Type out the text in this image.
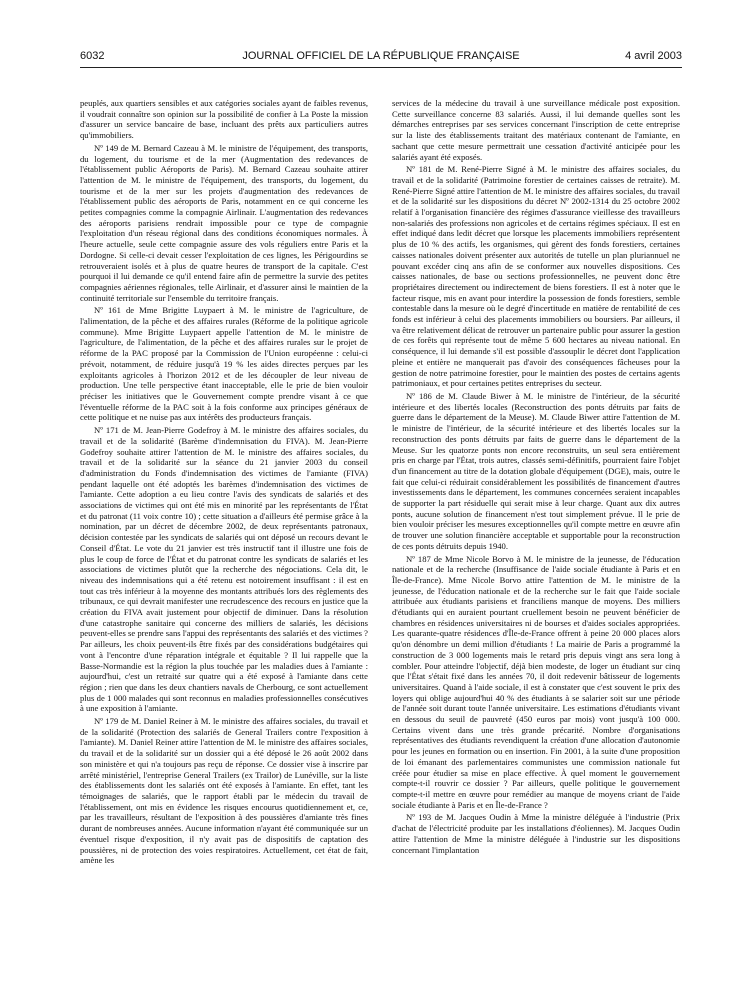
6032	JOURNAL OFFICIEL DE LA RÉPUBLIQUE FRANÇAISE	4 avril 2003

peuplés, aux quartiers sensibles et aux catégories sociales ayant de faibles revenus, il voudrait connaître son opinion sur la possibilité de confier à La Poste la mission d'assurer un service bancaire de base, incluant des prêts aux particuliers autres qu'immobiliers.

Nº 149 de M. Bernard Cazeau à M. le ministre de l'équipement, des transports, du logement, du tourisme et de la mer (Augmentation des redevances de l'établissement public Aéroports de Paris). M. Bernard Cazeau souhaite attirer l'attention de M. le ministre de l'équipement, des transports, du logement, du tourisme et de la mer sur les projets d'augmentation des redevances de l'établissement public des aéroports de Paris, notamment en ce qui concerne les petites compagnies comme la compagnie Airlinair. L'augmentation des redevances des aéroports parisiens rendrait impossible pour ce type de compagnie l'exploitation d'un réseau régional dans des conditions économiques normales. À l'heure actuelle, seule cette compagnie assure des vols réguliers entre Paris et la Dordogne. Si celle-ci devait cesser l'exploitation de ces lignes, les Périgourdins se retrouveraient isolés et à plus de quatre heures de transport de la capitale. C'est pourquoi il lui demande ce qu'il entend faire afin de permettre la survie des petites compagnies aériennes régionales, telle Airlinair, et d'assurer ainsi le maintien de la continuité territoriale sur l'ensemble du territoire français.

Nº 161 de Mme Brigitte Luypaert à M. le ministre de l'agriculture, de l'alimentation, de la pêche et des affaires rurales (Réforme de la politique agricole commune). Mme Brigitte Luypaert appelle l'attention de M. le ministre de l'agriculture, de l'alimentation, de la pêche et des affaires rurales sur le projet de réforme de la PAC proposé par la Commission de l'Union européenne : celui-ci prévoit, notamment, de réduire jusqu'à 19 % les aides directes perçues par les exploitants agricoles à l'horizon 2012 et de les découpler de leur niveau de production. Une telle perspective étant inacceptable, elle le prie de bien vouloir préciser les initiatives que le Gouvernement compte prendre visant à ce que l'éventuelle réforme de la PAC soit à la fois conforme aux principes généraux de cette politique et ne nuise pas aux intérêts des producteurs français.

Nº 171 de M. Jean-Pierre Godefroy à M. le ministre des affaires sociales, du travail et de la solidarité (Barème d'indemnisation du FIVA). M. Jean-Pierre Godefroy souhaite attirer l'attention de M. le ministre des affaires sociales, du travail et de la solidarité sur la séance du 21 janvier 2003 du conseil d'administration du Fonds d'indemnisation des victimes de l'amiante (FIVA) pendant laquelle ont été adoptés les barèmes d'indemnisation des victimes de l'amiante. Cette adoption a eu lieu contre l'avis des syndicats de salariés et des associations de victimes qui ont été mis en minorité par les représentants de l'État et du patronat (11 voix contre 10) ; cette situation a d'ailleurs été permise grâce à la nomination, par un décret de décembre 2002, de deux représentants patronaux, décision contestée par les syndicats de salariés qui ont déposé un recours devant le Conseil d'État. Le vote du 21 janvier est très instructif tant il illustre une fois de plus le coup de force de l'État et du patronat contre les syndicats de salariés et les associations de victimes plutôt que la recherche des négociations. Cela dit, le niveau des indemnisations qui a été retenu est notoirement insuffisant : il est en tout cas très inférieur à la moyenne des montants attribués lors des règlements des tribunaux, ce qui devrait manifester une recrudescence des recours en justice que la création du FIVA avait justement pour objectif de diminuer. Dans la résolution d'une catastrophe sanitaire qui concerne des milliers de salariés, les décisions peuvent-elles se prendre sans l'appui des représentants des salariés et des victimes ? Par ailleurs, les choix peuvent-ils être fixés par des considérations budgétaires qui vont à l'encontre d'une réparation intégrale et équitable ? Il lui rappelle que la Basse-Normandie est la région la plus touchée par les maladies dues à l'amiante : aujourd'hui, c'est un retraité sur quatre qui a été exposé à l'amiante dans cette région ; rien que dans les deux chantiers navals de Cherbourg, ce sont actuellement plus de 1 000 malades qui sont reconnus en maladies professionnelles consécutives à une exposition à l'amiante.

Nº 179 de M. Daniel Reiner à M. le ministre des affaires sociales, du travail et de la solidarité (Protection des salariés de General Trailers contre l'exposition à l'amiante). M. Daniel Reiner attire l'attention de M. le ministre des affaires sociales, du travail et de la solidarité sur un dossier qui a été déposé le 26 août 2002 dans son ministère et qui n'a toujours pas reçu de réponse. Ce dossier vise à inscrire par arrêté ministériel, l'entreprise General Trailers (ex Trailor) de Lunéville, sur la liste des établissements dont les salariés ont été exposés à l'amiante. En effet, tant les témoignages de salariés, que le rapport établi par le médecin du travail de l'établissement, ont mis en évidence les risques encourus quotidiennement et, ce, par les travailleurs, résultant de l'exposition à des poussières d'amiante très fines durant de nombreuses années. Aucune information n'ayant été communiquée sur un éventuel risque d'exposition, il n'y avait pas de dispositifs de captation des poussières, ni de protection des voies respiratoires. Actuellement, cet état de fait, amène les

services de la médecine du travail à une surveillance médicale post exposition. Cette surveillance concerne 83 salariés. Aussi, il lui demande quelles sont les démarches entreprises par ses services concernant l'inscription de cette entreprise sur la liste des établissements traitant des matériaux contenant de l'amiante, en sachant que cette mesure permettrait une cessation d'activité anticipée pour les salariés ayant été exposés.

Nº 181 de M. René-Pierre Signé à M. le ministre des affaires sociales, du travail et de la solidarité (Patrimoine forestier de certaines caisses de retraite). M. René-Pierre Signé attire l'attention de M. le ministre des affaires sociales, du travail et de la solidarité sur les dispositions du décret Nº 2002-1314 du 25 octobre 2002 relatif à l'organisation financière des régimes d'assurance vieillesse des travailleurs non-salariés des professions non agricoles et de certains régimes spéciaux. Il est en effet indiqué dans ledit décret que lorsque les placements immobiliers représentent plus de 10 % des actifs, les organismes, qui gèrent des fonds forestiers, certaines caisses nationales doivent présenter aux autorités de tutelle un plan pluriannuel ne pouvant excéder cinq ans afin de se conformer aux nouvelles dispositions. Ces caisses nationales, de base ou sections professionnelles, ne peuvent donc être propriétaires directement ou indirectement de biens forestiers. Il est à noter que le facteur risque, mis en avant pour interdire la possession de fonds forestiers, semble contestable dans la mesure où le degré d'incertitude en matière de rentabilité de ces fonds est inférieur à celui des placements immobiliers ou boursiers. Par ailleurs, il va être relativement délicat de retrouver un partenaire public pour assurer la gestion de ces forêts qui représente tout de même 5 600 hectares au niveau national. En conséquence, il lui demande s'il est possible d'assouplir le décret dont l'application pleine et entière ne manquerait pas d'avoir des conséquences fâcheuses pour la gestion de notre patrimoine forestier, pour le maintien des postes de certains agents patrimoniaux, et pour certaines petites entreprises du secteur.

Nº 186 de M. Claude Biwer à M. le ministre de l'intérieur, de la sécurité intérieure et des libertés locales (Reconstruction des ponts détruits par faits de guerre dans le département de la Meuse). M. Claude Biwer attire l'attention de M. le ministre de l'intérieur, de la sécurité intérieure et des libertés locales sur la reconstruction des ponts détruits par faits de guerre dans le département de la Meuse. Sur les quatorze ponts non encore reconstruits, un seul sera entièrement pris en charge par l'État, trois autres, classés semi-définitifs, pourraient faire l'objet d'un financement au titre de la dotation globale d'équipement (DGE), mais, outre le fait que celui-ci réduirait considérablement les possibilités de financement d'autres investissements dans le département, les communes concernées seraient incapables de supporter la part résiduelle qui serait mise à leur charge. Quant aux dix autres ponts, aucune solution de financement n'est tout simplement prévue. Il le prie de bien vouloir préciser les mesures exceptionnelles qu'il compte mettre en œuvre afin de trouver une solution financière acceptable et supportable pour la reconstruction de ces ponts détruits depuis 1940.

Nº 187 de Mme Nicole Borvo à M. le ministre de la jeunesse, de l'éducation nationale et de la recherche (Insuffisance de l'aide sociale étudiante à Paris et en Île-de-France). Mme Nicole Borvo attire l'attention de M. le ministre de la jeunesse, de l'éducation nationale et de la recherche sur le fait que l'aide sociale attribuée aux étudiants parisiens et franciliens manque de moyens. Des milliers d'étudiants qui en auraient pourtant cruellement besoin ne peuvent bénéficier de chambres en résidences universitaires ni de bourses et d'aides sociales appropriées. Les quarante-quatre résidences d'Île-de-France offrent à peine 20 000 places alors qu'on dénombre un demi million d'étudiants ! La mairie de Paris a programmé la construction de 3 000 logements mais le retard pris depuis vingt ans sera long à combler. Pour atteindre l'objectif, déjà bien modeste, de loger un étudiant sur cinq que l'État s'était fixé dans les années 70, il doit redevenir bâtisseur de logements universitaires. Quand à l'aide sociale, il est à constater que c'est souvent le prix des loyers qui oblige aujourd'hui 40 % des étudiants à se salarier soit sur une période de l'année soit durant toute l'année universitaire. Les estimations d'étudiants vivant en dessous du seuil de pauvreté (450 euros par mois) vont jusqu'à 100 000. Certains vivent dans une très grande précarité. Nombre d'organisations représentatives des étudiants revendiquent la création d'une allocation d'autonomie pour les jeunes en formation ou en insertion. Fin 2001, à la suite d'une proposition de loi émanant des parlementaires communistes une commission nationale fut créée pour étudier sa mise en place effective. À quel moment le gouvernement compte-t-il rouvrir ce dossier ? Par ailleurs, quelle politique le gouvernement compte-t-il mettre en œuvre pour remédier au manque de moyens criant de l'aide sociale étudiante à Paris et en Île-de-France ?

Nº 193 de M. Jacques Oudin à Mme la ministre déléguée à l'industrie (Prix d'achat de l'électricité produite par les installations d'éoliennes). M. Jacques Oudin attire l'attention de Mme la ministre déléguée à l'industrie sur les dispositions concernant l'implantation
